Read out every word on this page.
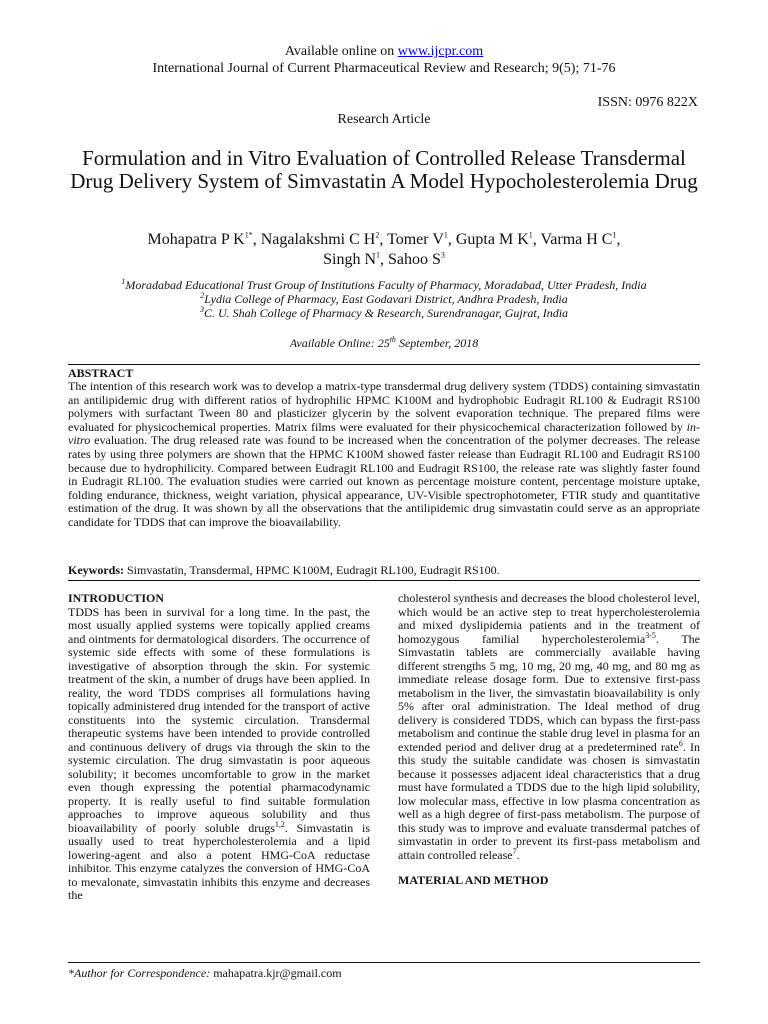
Available online on www.ijcpr.com
International Journal of Current Pharmaceutical Review and Research; 9(5); 71-76
ISSN: 0976 822X
Research Article
Formulation and in Vitro Evaluation of Controlled Release Transdermal Drug Delivery System of Simvastatin A Model Hypocholesterolemia Drug
Mohapatra P $K^{1*}$, Nagalakshmi C $H^2$, Tomer $V^1$, Gupta M $K^1$, Varma H $C^1$,
Singh $N^1$, Sahoo $S^3$
$^1$Moradabad Educational Trust Group of Institutions Faculty of Pharmacy, Moradabad, Utter Pradesh, India
$^2$Lydia College of Pharmacy, East Godavari District, Andhra Pradesh, India
$^3$C. U. Shah College of Pharmacy & Research, Surendranagar, Gujrat, India
Available Online: 25th September, 2018
ABSTRACT
The intention of this research work was to develop a matrix-type transdermal drug delivery system (TDDS) containing simvastatin an antilipidemic drug with different ratios of hydrophilic HPMC K100M and hydrophobic Eudragit RL100 & Eudragit RS100 polymers with surfactant Tween 80 and plasticizer glycerin by the solvent evaporation technique. The prepared films were evaluated for physicochemical properties. Matrix films were evaluated for their physicochemical characterization followed by in-vitro evaluation. The drug released rate was found to be increased when the concentration of the polymer decreases. The release rates by using three polymers are shown that the HPMC K100M showed faster release than Eudragit RL100 and Eudragit RS100 because due to hydrophilicity. Compared between Eudragit RL100 and Eudragit RS100, the release rate was slightly faster found in Eudragit RL100. The evaluation studies were carried out known as percentage moisture content, percentage moisture uptake, folding endurance, thickness, weight variation, physical appearance, UV-Visible spectrophotometer, FTIR study and quantitative estimation of the drug. It was shown by all the observations that the antilipidemic drug simvastatin could serve as an appropriate candidate for TDDS that can improve the bioavailability.
Keywords: Simvastatin, Transdermal, HPMC K100M, Eudragit RL100, Eudragit RS100.
INTRODUCTION
TDDS has been in survival for a long time. In the past, the most usually applied systems were topically applied creams and ointments for dermatological disorders. The occurrence of systemic side effects with some of these formulations is investigative of absorption through the skin. For systemic treatment of the skin, a number of drugs have been applied. In reality, the word TDDS comprises all formulations having topically administered drug intended for the transport of active constituents into the systemic circulation. Transdermal therapeutic systems have been intended to provide controlled and continuous delivery of drugs via through the skin to the systemic circulation. The drug simvastatin is poor aqueous solubility; it becomes uncomfortable to grow in the market even though expressing the potential pharmacodynamic property. It is really useful to find suitable formulation approaches to improve aqueous solubility and thus bioavailability of poorly soluble drugs$^{1,2}$. Simvastatin is usually used to treat hypercholesterolemia and a lipid lowering-agent and also a potent HMG-CoA reductase inhibitor. This enzyme catalyzes the conversion of HMG-CoA to mevalonate, simvastatin inhibits this enzyme and decreases the
cholesterol synthesis and decreases the blood cholesterol level, which would be an active step to treat hypercholesterolemia and mixed dyslipidemia patients and in the treatment of homozygous familial hypercholesterolemia$^{3-5}$. The Simvastatin tablets are commercially available having different strengths 5 mg, 10 mg, 20 mg, 40 mg, and 80 mg as immediate release dosage form. Due to extensive first-pass metabolism in the liver, the simvastatin bioavailability is only 5% after oral administration. The Ideal method of drug delivery is considered TDDS, which can bypass the first-pass metabolism and continue the stable drug level in plasma for an extended period and deliver drug at a predetermined rate$^6$. In this study the suitable candidate was chosen is simvastatin because it possesses adjacent ideal characteristics that a drug must have formulated a TDDS due to the high lipid solubility, low molecular mass, effective in low plasma concentration as well as a high degree of first-pass metabolism. The purpose of this study was to improve and evaluate transdermal patches of simvastatin in order to prevent its first-pass metabolism and attain controlled release$^7$.
MATERIAL AND METHOD
*Author for Correspondence: mahapatra.kjr@gmail.com
